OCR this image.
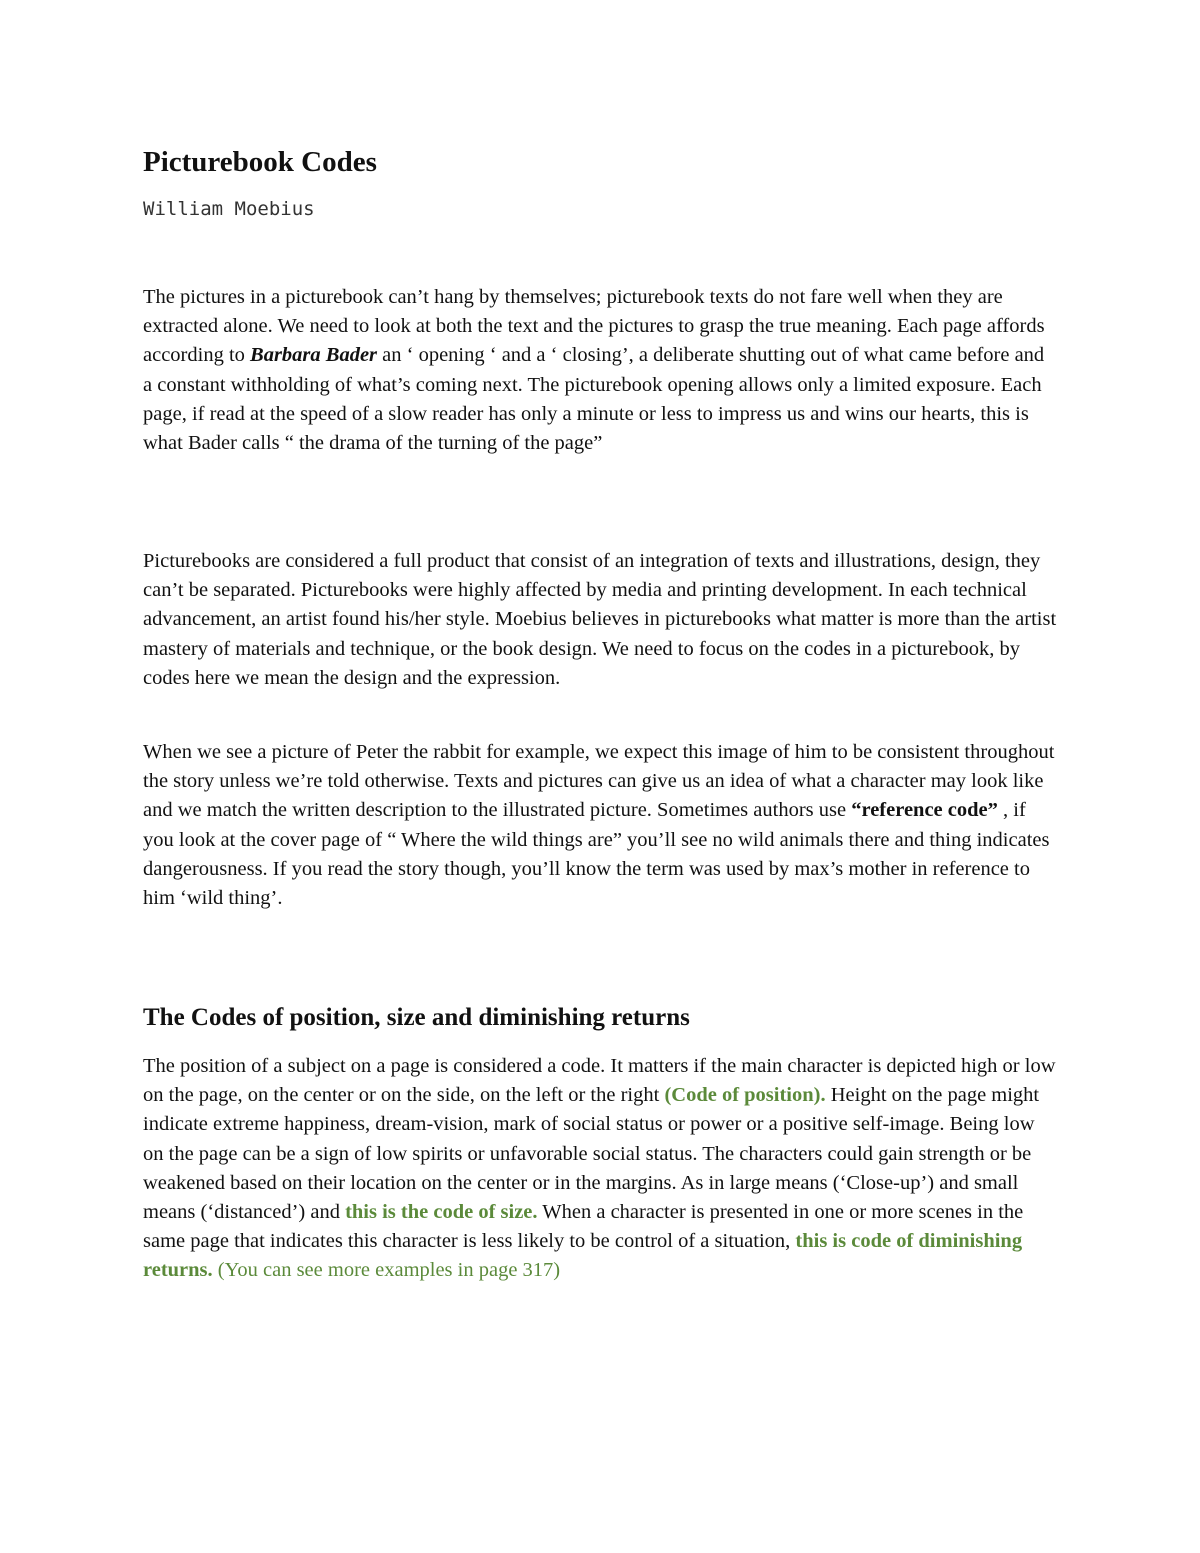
Picturebook Codes

William Moebius

The pictures in a picturebook can’t hang by themselves; picturebook texts do not fare well when they are extracted alone. We need to look at both the text and the pictures to grasp the true meaning. Each page affords according to Barbara Bader an ‘ opening ‘ and a ‘ closing’, a deliberate shutting out of what came before and a constant withholding of what’s coming next. The picturebook opening allows only a limited exposure. Each page, if read at the speed of a slow reader has only a minute or less to impress us and wins our hearts, this is what Bader calls “ the drama of the turning of the page”

Picturebooks are considered a full product that consist of an integration of texts and illustrations, design, they can’t be separated. Picturebooks were highly affected by media and printing development. In each technical advancement, an artist found his/her style. Moebius believes in picturebooks what matter is more than the artist mastery of materials and technique, or the book design. We need to focus on the codes in a picturebook, by codes here we mean the design and the expression.

When we see a picture of Peter the rabbit for example, we expect this image of him to be consistent throughout the story unless we’re told otherwise. Texts and pictures can give us an idea of what a character may look like and we match the written description to the illustrated picture. Sometimes authors use “reference code” , if you look at the cover page of “ Where the wild things are” you’ll see no wild animals there and thing indicates dangerousness. If you read the story though, you’ll know the term was used by max’s mother in reference to him ‘wild thing’.

The Codes of position, size and diminishing returns

The position of a subject on a page is considered a code. It matters if the main character is depicted high or low on the page, on the center or on the side, on the left or the right (Code of position). Height on the page might indicate extreme happiness, dream-vision, mark of social status or power or a positive self-image. Being low on the page can be a sign of low spirits or unfavorable social status. The characters could gain strength or be weakened based on their location on the center or in the margins. As in large means (‘Close-up’) and small means (‘distanced’) and this is the code of size. When a character is presented in one or more scenes in the same page that indicates this character is less likely to be control of a situation, this is code of diminishing returns. (You can see more examples in page 317)
